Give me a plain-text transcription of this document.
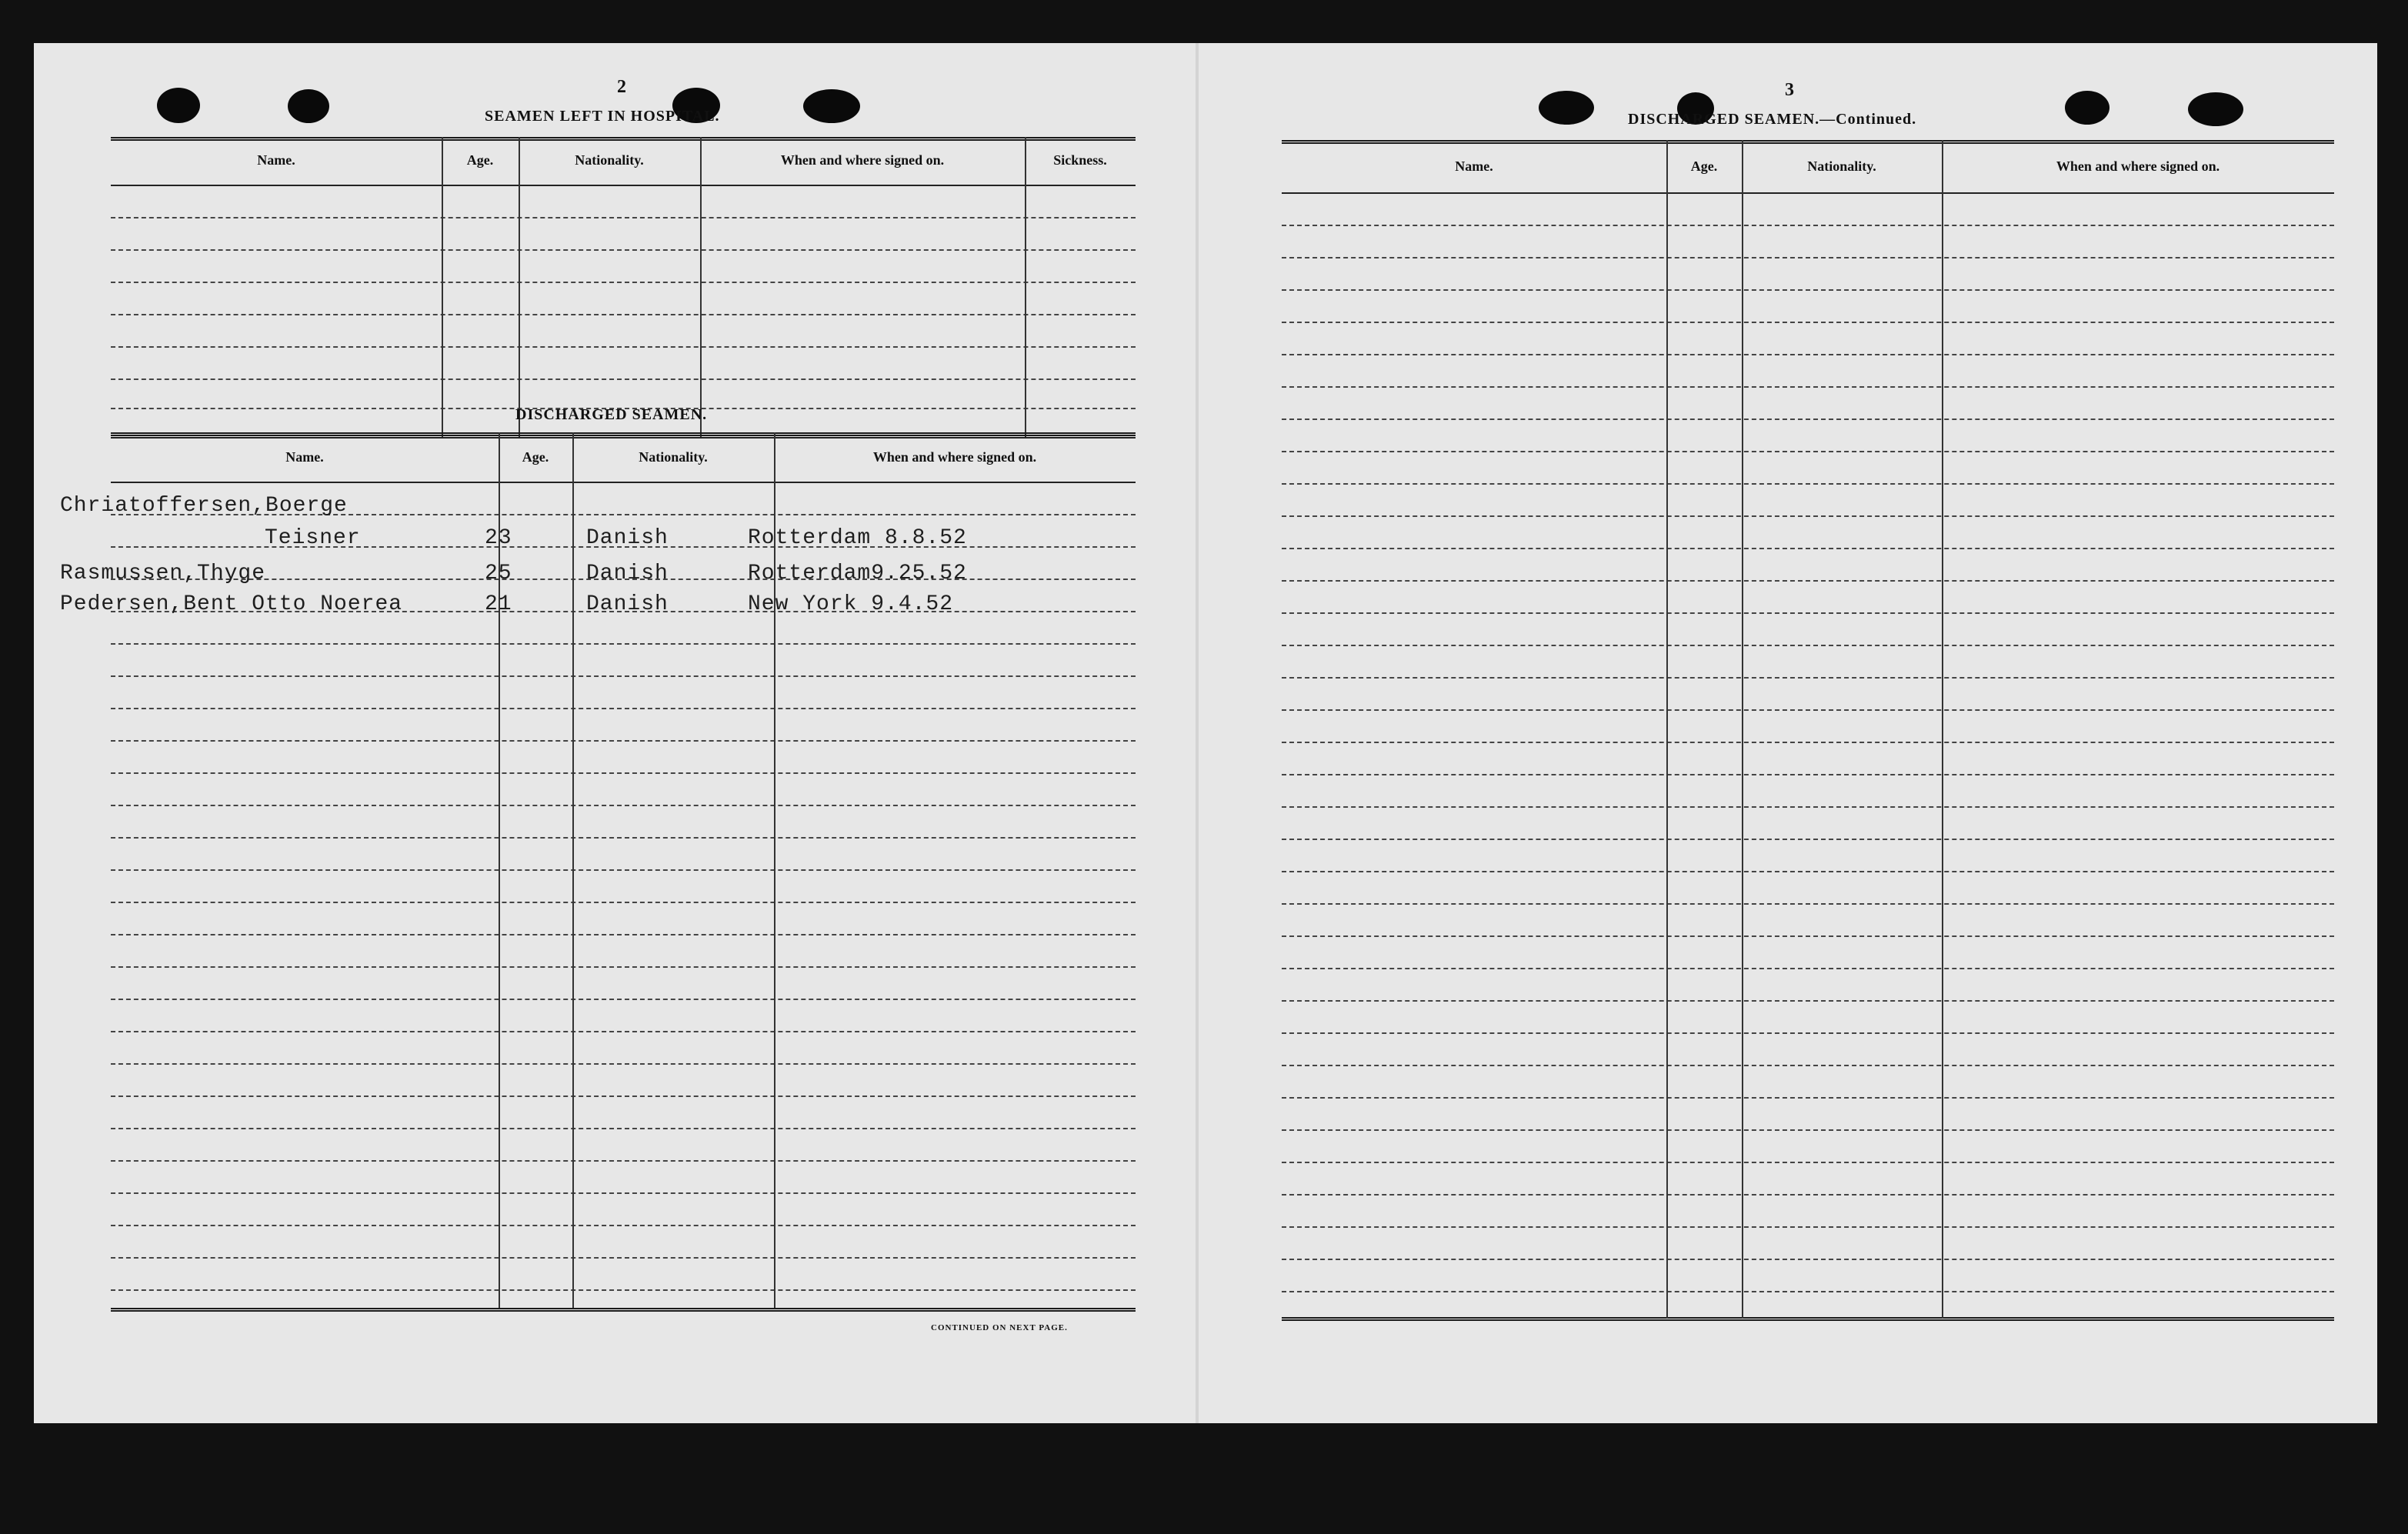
2
SEAMEN LEFT IN HOSPITAL.
Name.	Age.	Nationality.	When and where signed on.	Sickness.
DISCHARGED SEAMEN.
Name.	Age.	Nationality.	When and where signed on.
Chriatoffersen,Boerge
Teisner	23	Danish	Rotterdam 8.8.52
Rasmussen,Thyge	25	Danish	Rotterdam9.25.52
Pedersen,Bent Otto Noerea	21	Danish	New York 9.4.52
CONTINUED ON NEXT PAGE.
3
DISCHARGED SEAMEN.—Continued.
Name.	Age.	Nationality.	When and where signed on.
